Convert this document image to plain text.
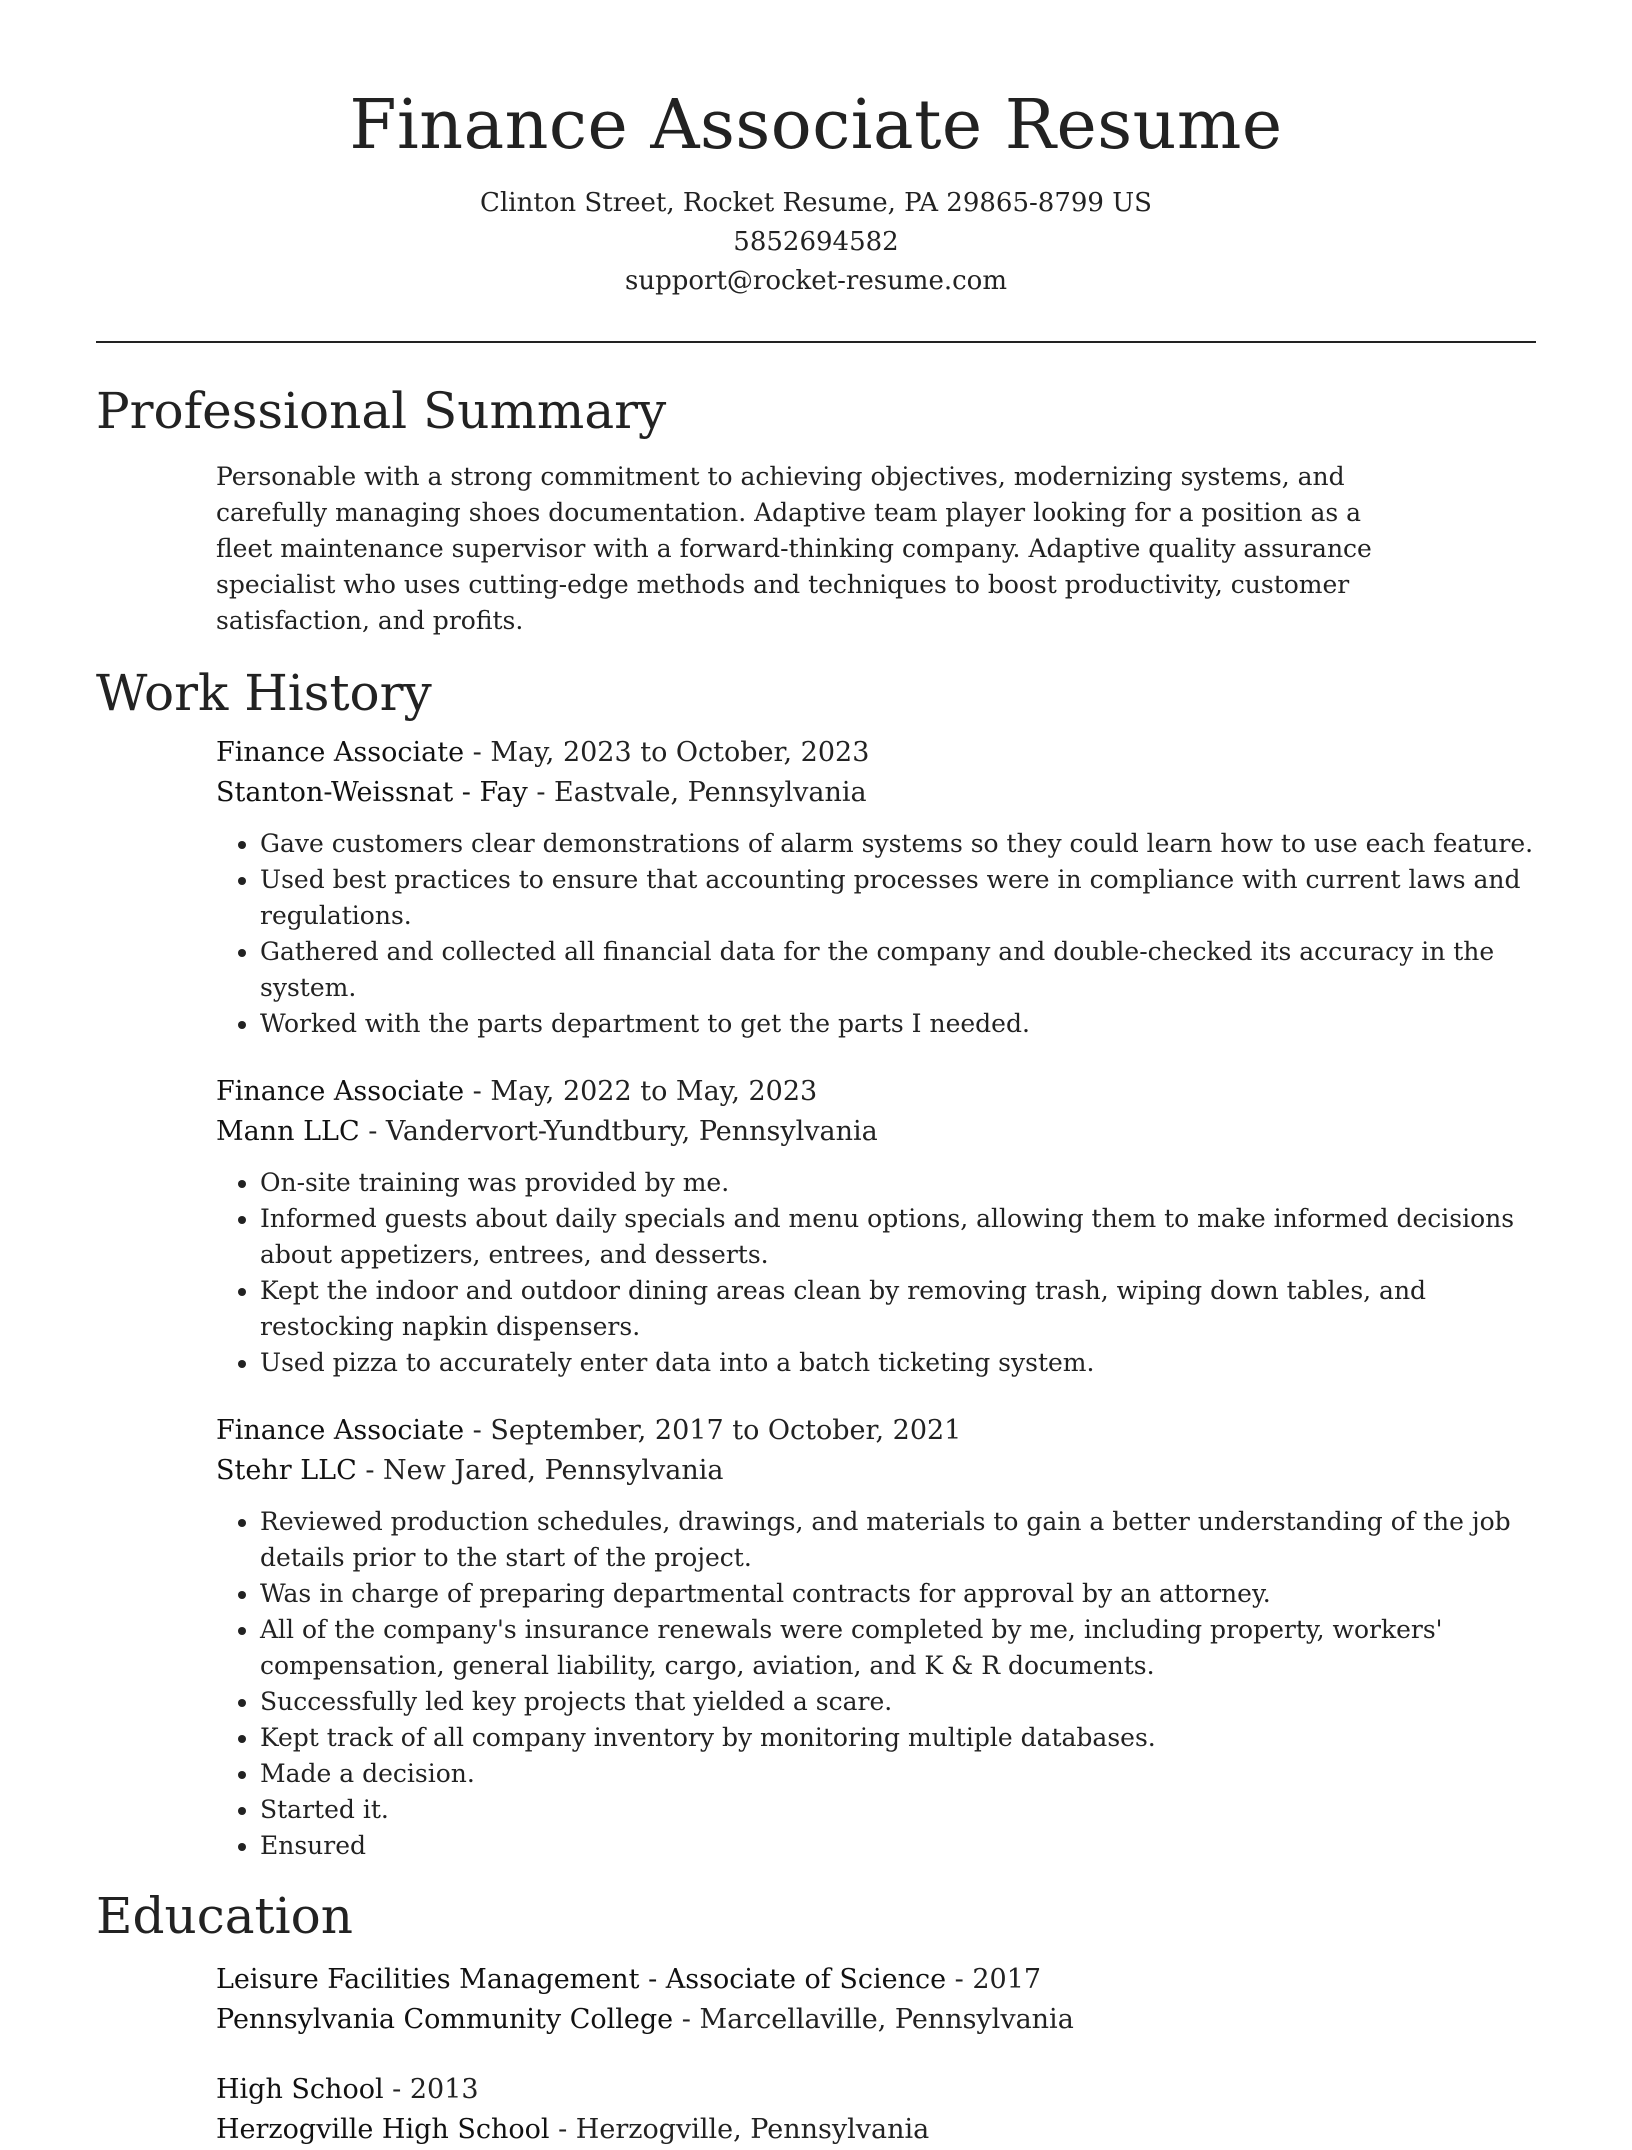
Finance Associate Resume
Clinton Street, Rocket Resume, PA 29865-8799 US
5852694582
support@rocket-resume.com
Professional Summary

Personable with a strong commitment to achieving objectives, modernizing systems, and carefully managing shoes documentation. Adaptive team player looking for a position as a fleet maintenance supervisor with a forward-thinking company. Adaptive quality assurance specialist who uses cutting-edge methods and techniques to boost productivity, customer satisfaction, and profits.

Work History
Finance Associate - May, 2023 to October, 2023
Stanton-Weissnat - Fay - Eastvale, Pennsylvania
• Gave customers clear demonstrations of alarm systems so they could learn how to use each feature.
• Used best practices to ensure that accounting processes were in compliance with current laws and regulations.
• Gathered and collected all financial data for the company and double-checked its accuracy in the system.
• Worked with the parts department to get the parts I needed.
Finance Associate - May, 2022 to May, 2023
Mann LLC - Vandervort-Yundtbury, Pennsylvania
• On-site training was provided by me.
• Informed guests about daily specials and menu options, allowing them to make informed decisions about appetizers, entrees, and desserts.
• Kept the indoor and outdoor dining areas clean by removing trash, wiping down tables, and restocking napkin dispensers.
• Used pizza to accurately enter data into a batch ticketing system.
Finance Associate - September, 2017 to October, 2021
Stehr LLC - New Jared, Pennsylvania
• Reviewed production schedules, drawings, and materials to gain a better understanding of the job details prior to the start of the project.
• Was in charge of preparing departmental contracts for approval by an attorney.
• All of the company's insurance renewals were completed by me, including property, workers' compensation, general liability, cargo, aviation, and K & R documents.
• Successfully led key projects that yielded a scare.
• Kept track of all company inventory by monitoring multiple databases.
• Made a decision.
• Started it.
• Ensured
Education
Leisure Facilities Management - Associate of Science - 2017
Pennsylvania Community College - Marcellaville, Pennsylvania
High School - 2013
Herzogville High School - Herzogville, Pennsylvania
